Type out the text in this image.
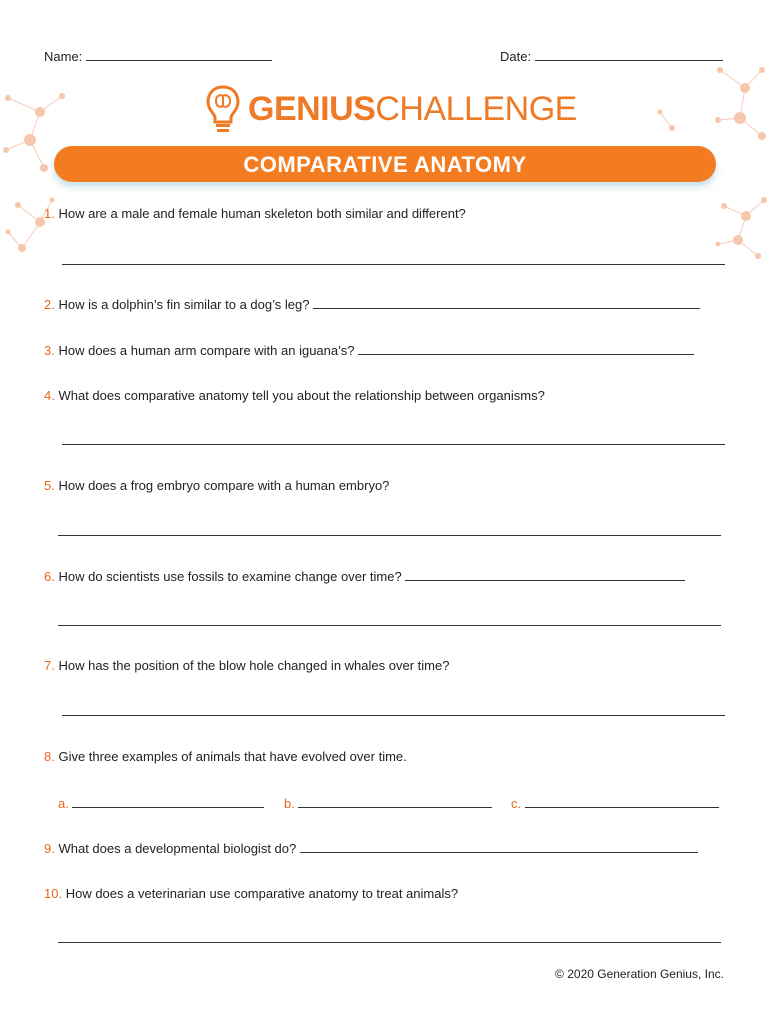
Name:	Date:
GENIUSCHALLENGE
COMPARATIVE ANATOMY
1. How are a male and female human skeleton both similar and different?
2. How is a dolphin’s fin similar to a dog’s leg?
3. How does a human arm compare with an iguana’s?
4. What does comparative anatomy tell you about the relationship between organisms?
5. How does a frog embryo compare with a human embryo?
6. How do scientists use fossils to examine change over time?
7. How has the position of the blow hole changed in whales over time?
8. Give three examples of animals that have evolved over time.
a.	b.	c.
9. What does a developmental biologist do?
10. How does a veterinarian use comparative anatomy to treat animals?
© 2020 Generation Genius, Inc.
